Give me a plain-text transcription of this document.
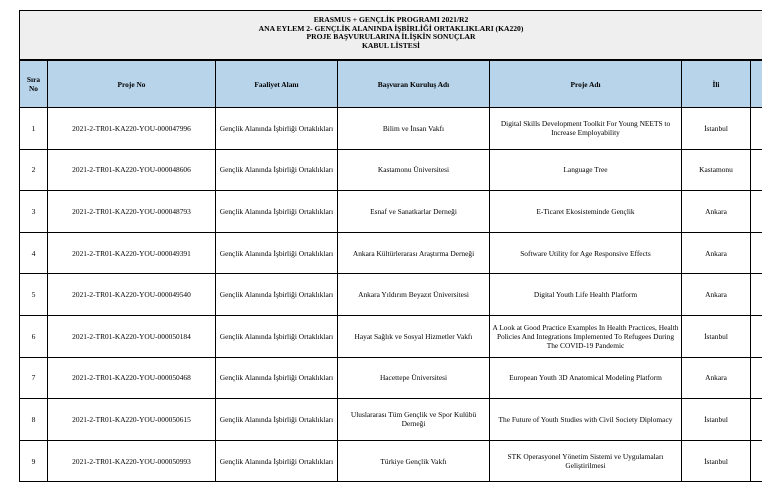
ERASMUS + GENÇLİK PROGRAMI 2021/R2
ANA EYLEM 2- GENÇLİK ALANINDA İŞBİRLİĞİ ORTAKLIKLARI (KA220)
PROJE BAŞVURULARINA İLİŞKİN SONUÇLAR
KABUL LİSTESİ
Sıra No	Proje No	Faaliyet Alanı	Başvuran Kuruluş Adı	Proje Adı	İli	
1	2021-2-TR01-KA220-YOU-000047996	Gençlik Alanında İşbirliği Ortaklıkları	Bilim ve İnsan Vakfı	Digital Skills Development Toolkit For Young NEETS to Increase Employability	İstanbul	
2	2021-2-TR01-KA220-YOU-000048606	Gençlik Alanında İşbirliği Ortaklıkları	Kastamonu Üniversitesi	Language Tree	Kastamonu	
3	2021-2-TR01-KA220-YOU-000048793	Gençlik Alanında İşbirliği Ortaklıkları	Esnaf ve Sanatkarlar Derneği	E-Ticaret Ekosisteminde Gençlik	Ankara	
4	2021-2-TR01-KA220-YOU-000049391	Gençlik Alanında İşbirliği Ortaklıkları	Ankara Kültürlerarası Araştırma Derneği	Software Utility for Age Responsive Effects	Ankara	
5	2021-2-TR01-KA220-YOU-000049540	Gençlik Alanında İşbirliği Ortaklıkları	Ankara Yıldırım Beyazıt Üniversitesi	Digital Youth Life Health Platform	Ankara	
6	2021-2-TR01-KA220-YOU-000050184	Gençlik Alanında İşbirliği Ortaklıkları	Hayat Sağlık ve Sosyal Hizmetler Vakfı	A Look at Good Practice Examples In Health Practices, Health Policies And Integrations Implemented To Refugees During The COVID-19 Pandemic	İstanbul	
7	2021-2-TR01-KA220-YOU-000050468	Gençlik Alanında İşbirliği Ortaklıkları	Hacettepe Üniversitesi	European Youth 3D Anatomical Modeling Platform	Ankara	
8	2021-2-TR01-KA220-YOU-000050615	Gençlik Alanında İşbirliği Ortaklıkları	Uluslararası Tüm Gençlik ve Spor Kulübü Derneği	The Future of Youth Studies with Civil Society Diplomacy	İstanbul	
9	2021-2-TR01-KA220-YOU-000050993	Gençlik Alanında İşbirliği Ortaklıkları	Türkiye Gençlik Vakfı	STK Operasyonel Yönetim Sistemi ve Uygulamaları Geliştirilmesi	İstanbul	
